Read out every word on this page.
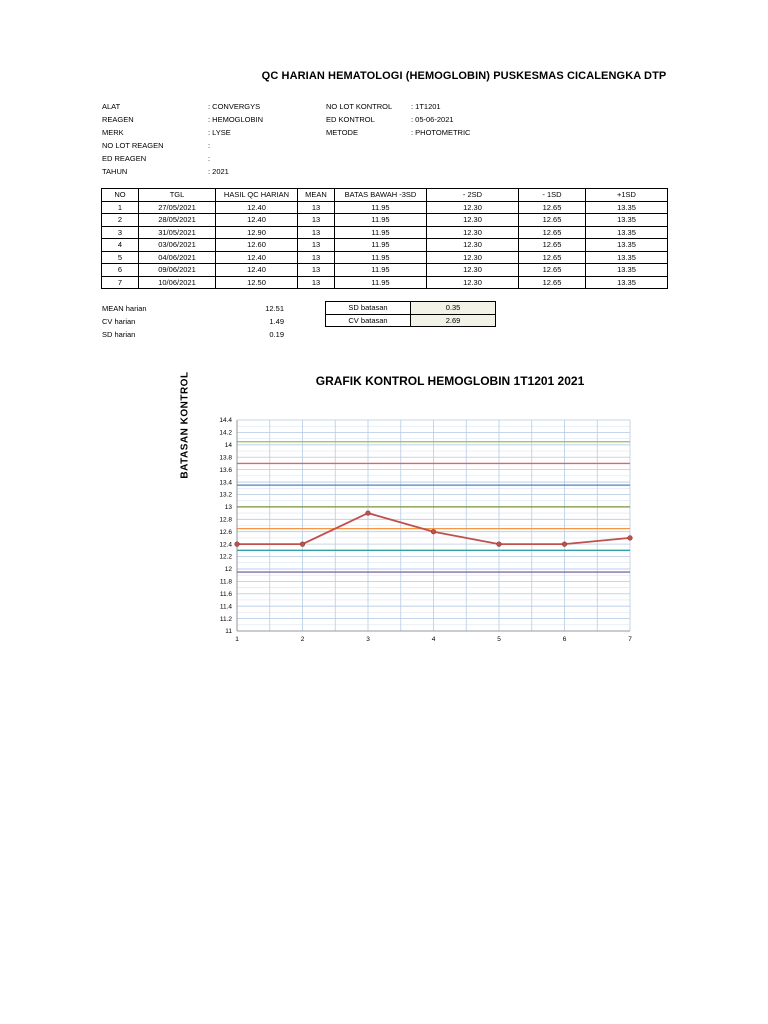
QC HARIAN HEMATOLOGI (HEMOGLOBIN) PUSKESMAS CICALENGKA DTP
ALAT	: CONVERGYS
REAGEN	: HEMOGLOBIN
MERK	: LYSE
NO LOT REAGEN	:
ED REAGEN	:
TAHUN	: 2021
NO LOT KONTROL	: 1T1201
ED KONTROL	: 05-06-2021
METODE	: PHOTOMETRIC
NO	TGL	HASIL QC HARIAN	MEAN	BATAS BAWAH -3SD	- 2SD	- 1SD	+1SD
1	27/05/2021	12.40	13	11.95	12.30	12.65	13.35
2	28/05/2021	12.40	13	11.95	12.30	12.65	13.35
3	31/05/2021	12.90	13	11.95	12.30	12.65	13.35
4	03/06/2021	12.60	13	11.95	12.30	12.65	13.35
5	04/06/2021	12.40	13	11.95	12.30	12.65	13.35
6	09/06/2021	12.40	13	11.95	12.30	12.65	13.35
7	10/06/2021	12.50	13	11.95	12.30	12.65	13.35
MEAN harian	12.51
CV harian	1.49
SD harian	0.19
SD batasan	0.35
CV batasan	2.69
GRAFIK KONTROL HEMOGLOBIN 1T1201 2021
BATASAN KONTROL	14.4
14.2
14
13.8
13.6
13.4
13.2
13
12.8
12.6
12.4
12.2
12
11.8
11.6
11.4
11.2
11
1	2	3	4	5	6	7
